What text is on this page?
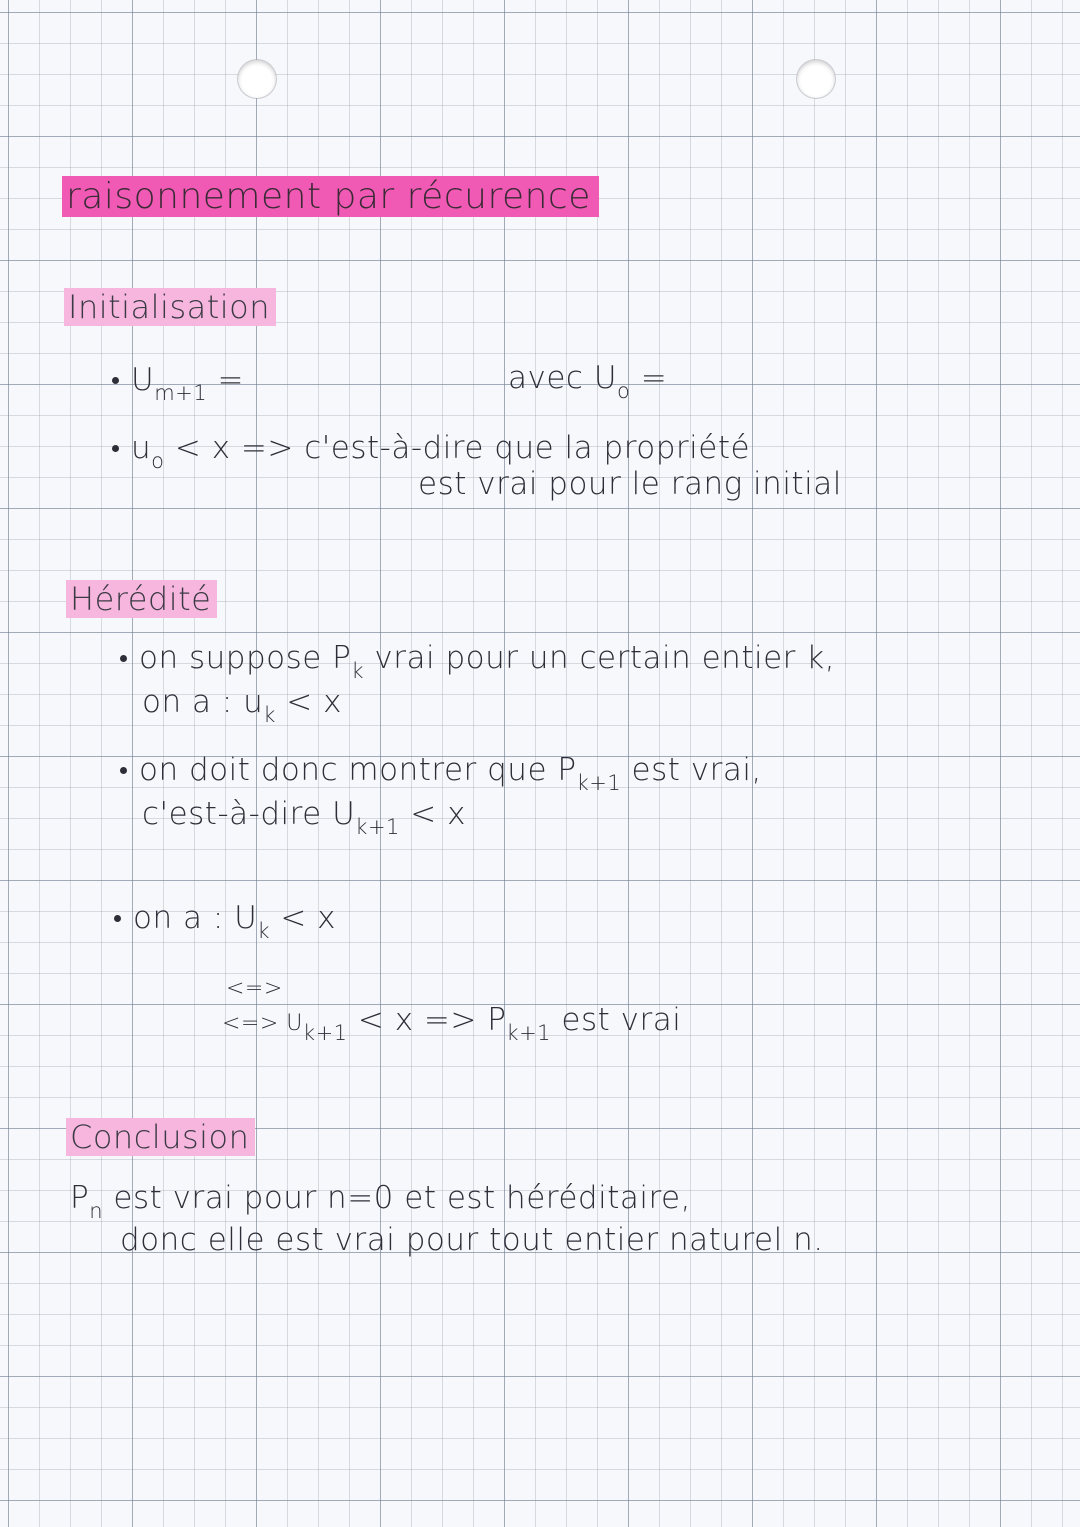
raisonnement par récurence
Initialisation
$U_{m+1}$ =	avec $U_o$ =
$u_o < x$ => c'est-à-dire que la propriété
est vrai pour le rang initial
Hérédité
on suppose $P_k$ vrai pour un certain entier k,
on a : $u_k < x$
on doit donc montrer que $P_{k+1}$ est vrai,
c'est-à-dire $U_{k+1} < x$
on a : $U_k < x$
<=>
<=> $U_{k+1} < x => P_{k+1}$ est vrai
Conclusion
$P_n$ est vrai pour n=0 et est héréditaire,
donc elle est vrai pour tout entier naturel n.
